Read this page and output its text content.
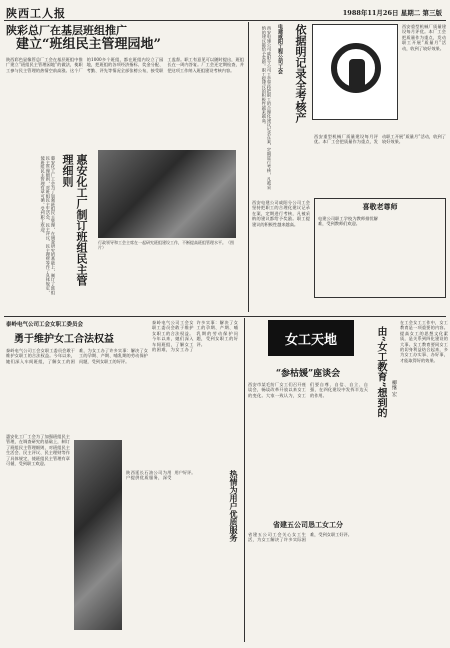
陕西工人报	1988年11月26日 星期二 第三版
陕彩总厂在基层班组推广
建立“班组民主管理园地”
陕西彩色显像管总厂工会在基层班组中推广建立“班组民主管理园地”的做法，使职工参与民主管理的热情空前高涨。这个厂的1000多个班组，都在班组内设立了园地，把班组的各项经济指标、奖金分配、考勤、评先等情况全部张榜公布，接受职工监督。职工有意见可以随时提出，班组长在一周内答复。厂工会还定期检查，并把这项工作纳入班组建设考核内容。
惠安化工厂制订班组民主管理细则
惠安化工厂工会为了加强班组民主管理，在调查研究的基础上，制订了班组民主管理细则，对班组民主生活会、民主评议、民主理财等作了具体规定，使班组民主管理有章可循，受到职工欢迎。
行政领导和工会主席在一起研究班组建设工作，不断提高班组管理水平。（图片）
依据明记录全考核产
电建咸阳工程公司工会
西安电建公司咸阳分公司工会坚持把职工的合理化建议记录在案，定期进行考核，凡被采纳的建议都给予奖励。职工提建议的积极性越来越高。	西安重型机械厂质量建设每月评优。本厂工会把质量作为重点，发动职工开展“质量月”活动，收到了较好效果。
西安重型机械厂质量建设每月评优。本厂工会把质量作为重点，发动职工开展“质量月”活动，收到了较好效果。
喜敬老尊师
电建公司职工学校为教师排忧解难，受到教师们欢迎。
西安电建公司咸阳分公司工会坚持把职工的合理化建议记录在案，定期进行考核，凡被采纳的建议都给予奖励。职工提建议的积极性越来越高。
泰岭电气公司工会女职工委员会
勇于维护女工合法权益
泰岭电气公司工会女职工委员会敢于维护女职工的合法权益。今年以来，她们深入车间班组，了解女工的困难，为女工办了许多实事：解决了女工的孕期、产期、哺乳期的劳动保护问题，受到女职工的好评。
泰岭电气公司工会女职工委员会敢于维护女职工的合法权益。今年以来，她们深入车间班组，了解女工的困难，为女工办了许多实事：解决了女工的孕期、产期、哺乳期的劳动保护问题，受到女职工的好评。
惠安化工厂工会为了加强班组民主管理，在调查研究的基础上，制订了班组民主管理细则，对班组民主生活会、民主评议、民主理财等作了具体规定，使班组民主管理有章可循，受到职工欢迎。
热情为用户优质服务
陕西延长石油公司为用户提供优质服务，深受用户好评。
女工天地
“参枯媛”座谈会
西安市某毛纺厂女工们召开座谈会，畅谈改革开放以来女工的变化。大家一致认为，女工们要自尊、自信、自立、自强，在四化建设中发挥半边天的作用。
省建五公司恳工女工分
省建五公司工会关心女工生活，为女工解决了许多实际困难，受到女职工好评。
由“女工教育”想到的	柳继 宏
在工会女工工作中，女工教育是一项重要的内容。提高女工的思想文化素质，是关系到四化建设的大事。女工教育要同女工的切身利益结合起来，多为女工办实事、办好事，才能取得好的效果。
